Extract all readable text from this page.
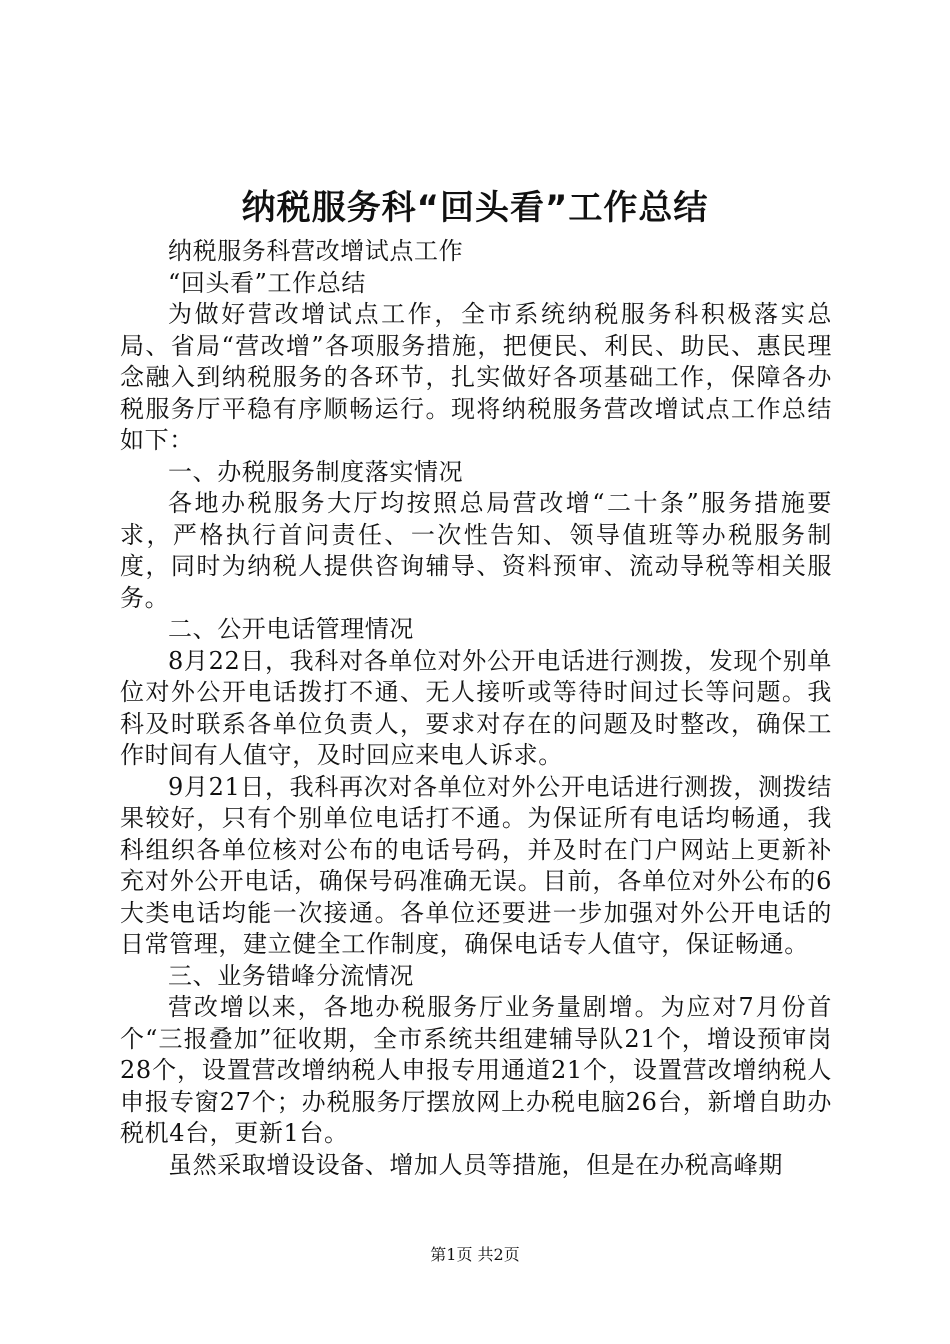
纳税服务科“回头看”工作总结

纳税服务科营改增试点工作

“回头看”工作总结

为做好营改增试点工作，全市系统纳税服务科积极落实总局、省局“营改增”各项服务措施，把便民、利民、助民、惠民理念融入到纳税服务的各环节，扎实做好各项基础工作，保障各办税服务厅平稳有序顺畅运行。现将纳税服务营改增试点工作总结如下：

一、办税服务制度落实情况

各地办税服务大厅均按照总局营改增“二十条”服务措施要求，严格执行首问责任、一次性告知、领导值班等办税服务制度，同时为纳税人提供咨询辅导、资料预审、流动导税等相关服务。

二、公开电话管理情况

8月22日，我科对各单位对外公开电话进行测拨，发现个别单位对外公开电话拨打不通、无人接听或等待时间过长等问题。我科及时联系各单位负责人，要求对存在的问题及时整改，确保工作时间有人值守，及时回应来电人诉求。

9月21日，我科再次对各单位对外公开电话进行测拨，测拨结果较好，只有个别单位电话打不通。为保证所有电话均畅通，我科组织各单位核对公布的电话号码，并及时在门户网站上更新补充对外公开电话，确保号码准确无误。目前，各单位对外公布的6大类电话均能一次接通。各单位还要进一步加强对外公开电话的日常管理，建立健全工作制度，确保电话专人值守，保证畅通。

三、业务错峰分流情况

营改增以来，各地办税服务厅业务量剧增。为应对7月份首个“三报叠加”征收期，全市系统共组建辅导队21个，增设预审岗28个，设置营改增纳税人申报专用通道21个，设置营改增纳税人申报专窗27个；办税服务厅摆放网上办税电脑26台，新增自助办税机4台，更新1台。

虽然采取增设设备、增加人员等措施，但是在办税高峰期

第1页 共2页
